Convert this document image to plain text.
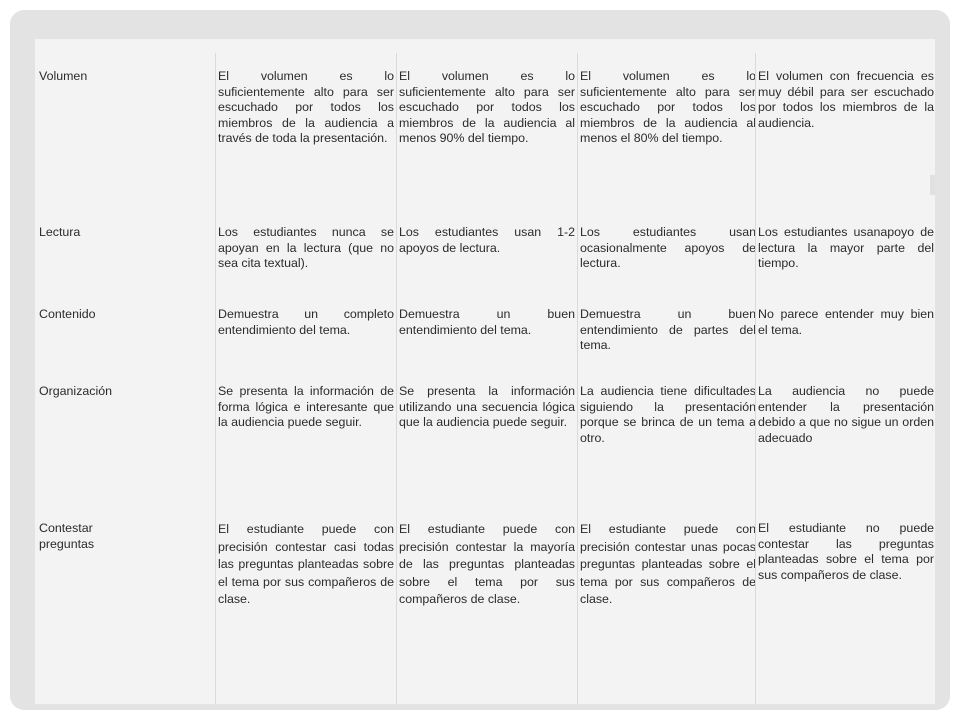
Volumen
Lectura
Contenido
Organización
Contestar preguntas
El volumen es lo suficientemente alto para ser escuchado por todos los miembros de la audiencia a través de toda la presentación.
Los estudiantes nunca se apoyan en la lectura (que no sea cita textual).
Demuestra un completo entendimiento del tema.
Se presenta la información de forma lógica e interesante que la audiencia puede seguir.
El estudiante puede con precisión contestar casi todas las preguntas planteadas sobre el tema por sus compañeros de clase.
El volumen es lo suficientemente alto para ser escuchado por todos los miembros de la audiencia al menos 90% del tiempo.
Los estudiantes usan 1-2 apoyos de lectura.
Demuestra un buen entendimiento del tema.
Se presenta la información utilizando una secuencia lógica que la audiencia puede seguir.
El estudiante puede con precisión contestar la mayoría de las preguntas planteadas sobre el tema por sus compañeros de clase.
El volumen es lo suficientemente alto para ser escuchado por todos los miembros de la audiencia al menos el 80% del tiempo.
Los estudiantes usan ocasionalmente apoyos de lectura.
Demuestra un buen entendimiento de partes del tema.
La audiencia tiene dificultades siguiendo la presentación porque se brinca de un tema a otro.
El estudiante puede con precisión contestar unas pocas preguntas planteadas sobre el tema por sus compañeros de clase.
El volumen con frecuencia es muy débil para ser escuchado por todos los miembros de la audiencia.
Los estudiantes usanapoyo de lectura la mayor parte del tiempo.
No parece entender muy bien el tema.
La audiencia no puede entender la presentación debido a que no sigue un orden adecuado
El estudiante no puede contestar las preguntas planteadas sobre el tema por sus compañeros de clase.
